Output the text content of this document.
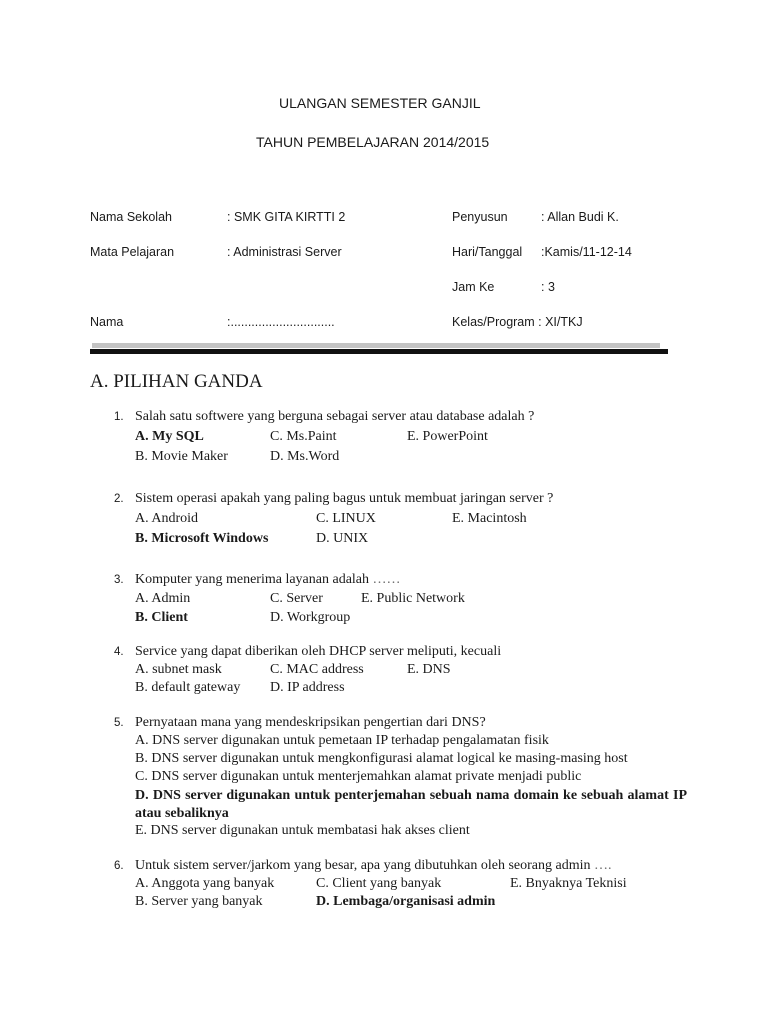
ULANGAN SEMESTER GANJIL
TAHUN PEMBELAJARAN 2014/2015
Nama Sekolah	: SMK GITA KIRTTI 2	Penyusun	: Allan Budi K.
Mata Pelajaran	: Administrasi Server	Hari/Tanggal :Kamis/11-12-14
Jam Ke	: 3
Nama	:..............................	Kelas/Program : XI/TKJ
A. PILIHAN GANDA
1. Salah satu softwere yang berguna sebagai server atau database adalah ?
A. My SQL	C. Ms.Paint	E. PowerPoint
B. Movie Maker	D. Ms.Word
2. Sistem operasi apakah yang paling bagus untuk membuat jaringan server ?
A. Android	C. LINUX	E. Macintosh
B. Microsoft Windows	D. UNIX
3. Komputer yang menerima layanan adalah ……
A. Admin	C. Server	E. Public Network
B. Client	D. Workgroup
4. Service yang dapat diberikan oleh DHCP server meliputi, kecuali
A. subnet mask	C. MAC address	E. DNS
B. default gateway D. IP address
5. Pernyataan mana yang mendeskripsikan pengertian dari DNS?
A. DNS server digunakan untuk pemetaan IP terhadap pengalamatan fisik
B. DNS server digunakan untuk mengkonfigurasi alamat logical ke masing-masing host
C. DNS server digunakan untuk menterjemahkan alamat private menjadi public
D. DNS server digunakan untuk penterjemahan sebuah nama domain ke sebuah alamat IP atau sebaliknya
E. DNS server digunakan untuk membatasi hak akses client
6. Untuk sistem server/jarkom yang besar, apa yang dibutuhkan oleh seorang admin ….
A. Anggota yang banyak	C. Client yang banyak	E. Bnyaknya Teknisi
B. Server yang banyak	D. Lembaga/organisasi admin
